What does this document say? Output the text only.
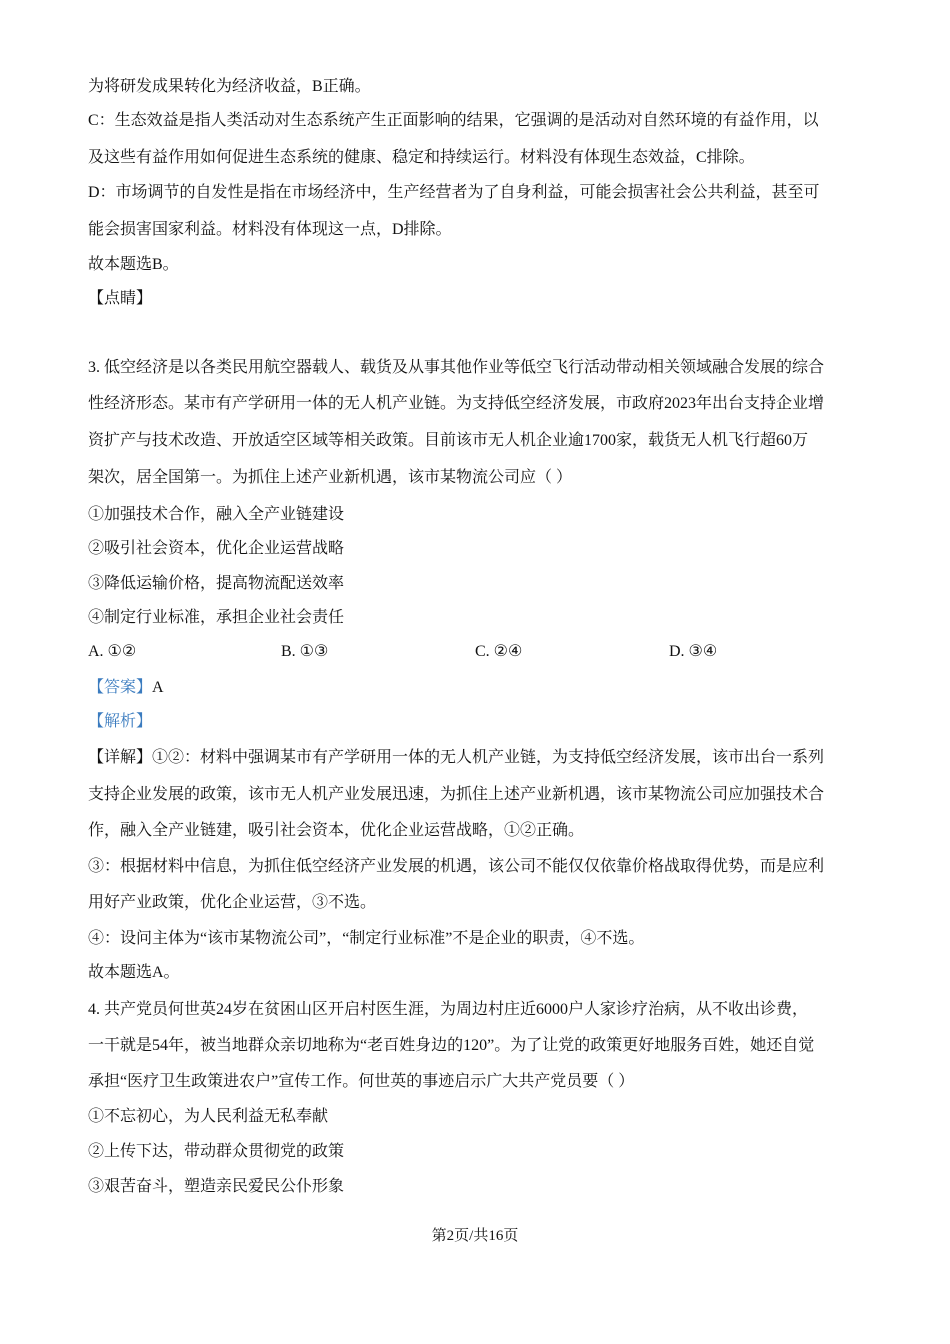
为将研发成果转化为经济收益，B正确。
C：生态效益是指人类活动对生态系统产生正面影响的结果，它强调的是活动对自然环境的有益作用，以
及这些有益作用如何促进生态系统的健康、稳定和持续运行。材料没有体现生态效益，C排除。
D：市场调节的自发性是指在市场经济中，生产经营者为了自身利益，可能会损害社会公共利益，甚至可
能会损害国家利益。材料没有体现这一点，D排除。
故本题选B。
【点睛】
3. 低空经济是以各类民用航空器载人、载货及从事其他作业等低空飞行活动带动相关领域融合发展的综合
性经济形态。某市有产学研用一体的无人机产业链。为支持低空经济发展，市政府2023年出台支持企业增
资扩产与技术改造、开放适空区域等相关政策。目前该市无人机企业逾1700家，载货无人机飞行超60万
架次，居全国第一。为抓住上述产业新机遇，该市某物流公司应（ ）
①加强技术合作，融入全产业链建设
②吸引社会资本，优化企业运营战略
③降低运输价格，提高物流配送效率
④制定行业标准，承担企业社会责任
A. ①②	B. ①③	C. ②④	D. ③④
【答案】A
【解析】
【详解】①②：材料中强调某市有产学研用一体的无人机产业链，为支持低空经济发展，该市出台一系列
支持企业发展的政策，该市无人机产业发展迅速，为抓住上述产业新机遇，该市某物流公司应加强技术合
作，融入全产业链建，吸引社会资本，优化企业运营战略，①②正确。
③：根据材料中信息，为抓住低空经济产业发展的机遇，该公司不能仅仅依靠价格战取得优势，而是应利
用好产业政策，优化企业运营，③不选。
④：设问主体为“该市某物流公司”，“制定行业标准”不是企业的职责，④不选。
故本题选A。
4. 共产党员何世英24岁在贫困山区开启村医生涯，为周边村庄近6000户人家诊疗治病，从不收出诊费，
一干就是54年，被当地群众亲切地称为“老百姓身边的120”。为了让党的政策更好地服务百姓，她还自觉
承担“医疗卫生政策进农户”宣传工作。何世英的事迹启示广大共产党员要（ ）
①不忘初心，为人民利益无私奉献
②上传下达，带动群众贯彻党的政策
③艰苦奋斗，塑造亲民爱民公仆形象
第2页/共16页
